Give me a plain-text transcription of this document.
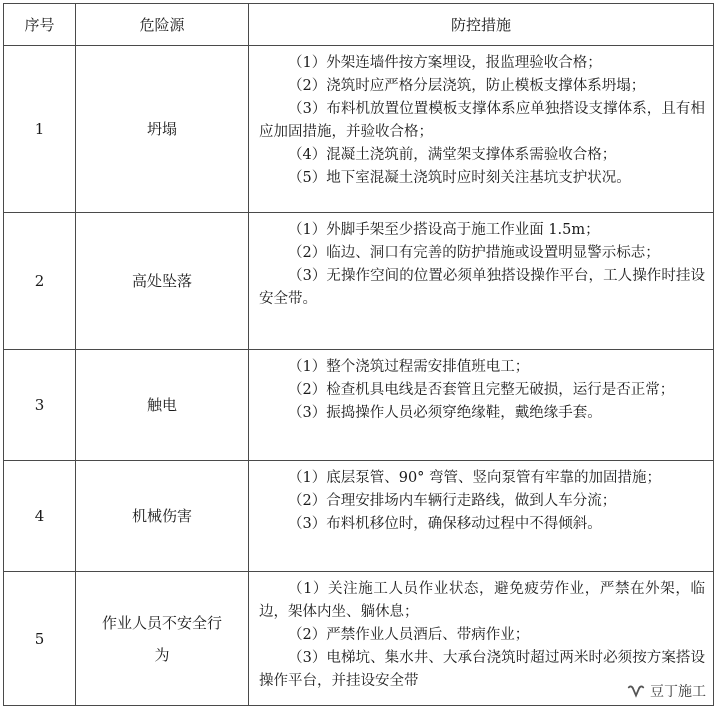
序号	危险源	防控措施
1	坍塌	（1）外架连墙件按方案埋设，报监理验收合格；

（2）浇筑时应严格分层浇筑，防止模板支撑体系坍塌；

（3）布料机放置位置模板支撑体系应单独搭设支撑体系，且有相应加固措施，并验收合格；

（4）混凝土浇筑前，满堂架支撑体系需验收合格；

（5）地下室混凝土浇筑时应时刻关注基坑支护状况。

2	高处坠落	（1）外脚手架至少搭设高于施工作业面 1.5m；

（2）临边、洞口有完善的防护措施或设置明显警示标志；

（3）无操作空间的位置必须单独搭设操作平台，工人操作时挂设安全带。

3	触电	（1）整个浇筑过程需安排值班电工；

（2）检查机具电线是否套管且完整无破损，运行是否正常；

（3）振捣操作人员必须穿绝缘鞋，戴绝缘手套。

4	机械伤害	（1）底层泵管、90° 弯管、竖向泵管有牢靠的加固措施；

（2）合理安排场内车辆行走路线，做到人车分流；

（3）布料机移位时，确保移动过程中不得倾斜。

5	作业人员不安全行为	（1）关注施工人员作业状态，避免疲劳作业，严禁在外架，临边，架体内坐、躺休息；

（2）严禁作业人员酒后、带病作业；

（3）电梯坑、集水井、大承台浇筑时超过两米时必须按方案搭设操作平台，并挂设安全带

豆丁施工
